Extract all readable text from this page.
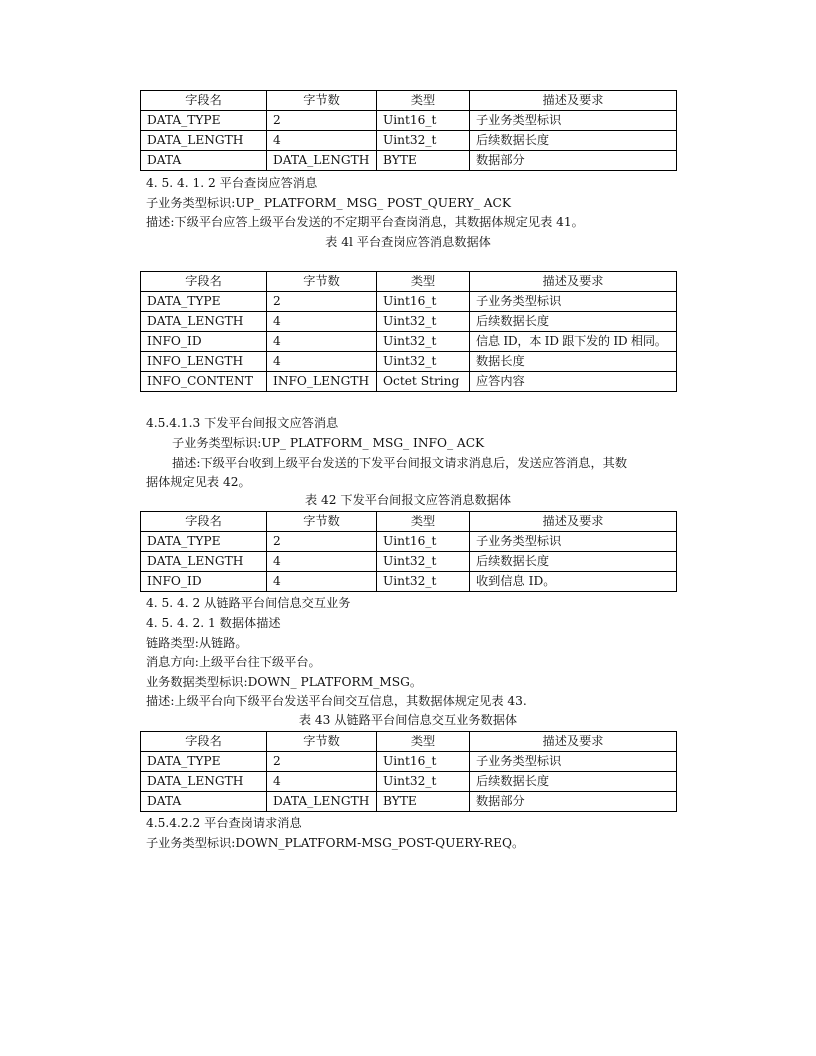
字段名	字节数	类型	描述及要求
DATA_TYPE	2	Uint16_t	子业务类型标识
DATA_LENGTH	4	Uint32_t	后续数据长度
DATA	DATA_LENGTH	BYTE	数据部分
4. 5. 4. 1. 2 平台查岗应答消息
子业务类型标识:UP_ PLATFORM_ MSG_ POST_QUERY_ ACK
描述:下级平台应答上级平台发送的不定期平台查岗消息，其数据体规定见表 41。
表 4l 平台查岗应答消息数据体
字段名	字节数	类型	描述及要求
DATA_TYPE	2	Uint16_t	子业务类型标识
DATA_LENGTH	4	Uint32_t	后续数据长度
INFO_ID	4	Uint32_t	信息 ID，本 ID 跟下发的 ID 相同。
INFO_LENGTH	4	Uint32_t	数据长度
INFO_CONTENT	INFO_LENGTH	Octet String	应答内容
4.5.4.1.3 下发平台间报文应答消息
子业务类型标识:UP_ PLATFORM_ MSG_ INFO_ ACK
描述:下级平台收到上级平台发送的下发平台间报文请求消息后，发送应答消息，其数
据体规定见表 42。
表 42 下发平台间报文应答消息数据体
字段名	字节数	类型	描述及要求
DATA_TYPE	2	Uint16_t	子业务类型标识
DATA_LENGTH	4	Uint32_t	后续数据长度
INFO_ID	4	Uint32_t	收到信息 ID。
4. 5. 4. 2 从链路平台间信息交互业务
4. 5. 4. 2. 1 数据体描述
链路类型:从链路。
消息方向:上级平台往下级平台。
业务数据类型标识:DOWN_ PLATFORM_MSG。
描述:上级平台向下级平台发送平台间交互信息，其数据体规定见表 43.
表 43 从链路平台间信息交互业务数据体
字段名	字节数	类型	描述及要求
DATA_TYPE	2	Uint16_t	子业务类型标识
DATA_LENGTH	4	Uint32_t	后续数据长度
DATA	DATA_LENGTH	BYTE	数据部分
4.5.4.2.2 平台查岗请求消息
子业务类型标识:DOWN_PLATFORM-MSG_POST-QUERY-REQ。
